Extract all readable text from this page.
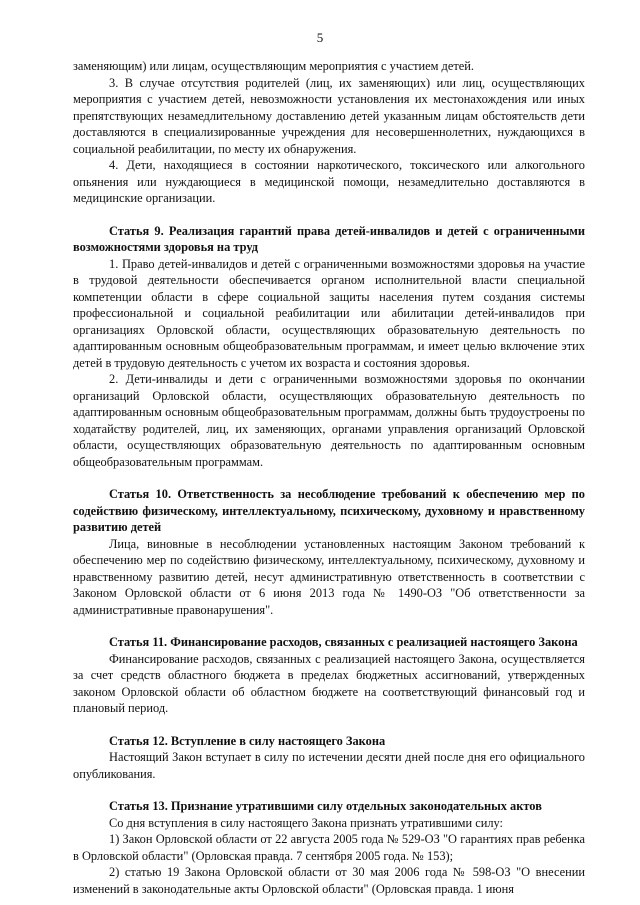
5

заменяющим) или лицам, осуществляющим мероприятия с участием детей.

3. В случае отсутствия родителей (лиц, их заменяющих) или лиц, осуществляющих мероприятия с участием детей, невозможности установления их местонахождения или иных препятствующих незамедлительному доставлению детей указанным лицам обстоятельств дети доставляются в специализированные учреждения для несовершеннолетних, нуждающихся в социальной реабилитации, по месту их обнаружения.

4. Дети, находящиеся в состоянии наркотического, токсического или алкогольного опьянения или нуждающиеся в медицинской помощи, незамедлительно доставляются в медицинские организации.

Статья 9. Реализация гарантий права детей-инвалидов и детей с ограниченными возможностями здоровья на труд

1. Право детей-инвалидов и детей с ограниченными возможностями здоровья на участие в трудовой деятельности обеспечивается органом исполнительной власти специальной компетенции области в сфере социальной защиты населения путем создания системы профессиональной и социальной реабилитации или абилитации детей-инвалидов при организациях Орловской области, осуществляющих образовательную деятельность по адаптированным основным общеобразовательным программам, и имеет целью включение этих детей в трудовую деятельность с учетом их возраста и состояния здоровья.

2. Дети-инвалиды и дети с ограниченными возможностями здоровья по окончании организаций Орловской области, осуществляющих образовательную деятельность по адаптированным основным общеобразовательным программам, должны быть трудоустроены по ходатайству родителей, лиц, их заменяющих, органами управления организаций Орловской области, осуществляющих образовательную деятельность по адаптированным основным общеобразовательным программам.

Статья 10. Ответственность за несоблюдение требований к обеспечению мер по содействию физическому, интеллектуальному, психическому, духовному и нравственному развитию детей

Лица, виновные в несоблюдении установленных настоящим Законом требований к обеспечению мер по содействию физическому, интеллектуальному, психическому, духовному и нравственному развитию детей, несут административную ответственность в соответствии с Законом Орловской области от 6 июня 2013 года № 1490-ОЗ "Об ответственности за административные правонарушения".

Статья 11. Финансирование расходов, связанных с реализацией настоящего Закона

Финансирование расходов, связанных с реализацией настоящего Закона, осуществляется за счет средств областного бюджета в пределах бюджетных ассигнований, утвержденных законом Орловской области об областном бюджете на соответствующий финансовый год и плановый период.

Статья 12. Вступление в силу настоящего Закона

Настоящий Закон вступает в силу по истечении десяти дней после дня его официального опубликования.

Статья 13. Признание утратившими силу отдельных законодательных актов

Со дня вступления в силу настоящего Закона признать утратившими силу:

1) Закон Орловской области от 22 августа 2005 года № 529-ОЗ "О гарантиях прав ребенка в Орловской области" (Орловская правда. 7 сентября 2005 года. № 153);

2) статью 19 Закона Орловской области от 30 мая 2006 года № 598-ОЗ "О внесении изменений в законодательные акты Орловской области" (Орловская правда. 1 июня
